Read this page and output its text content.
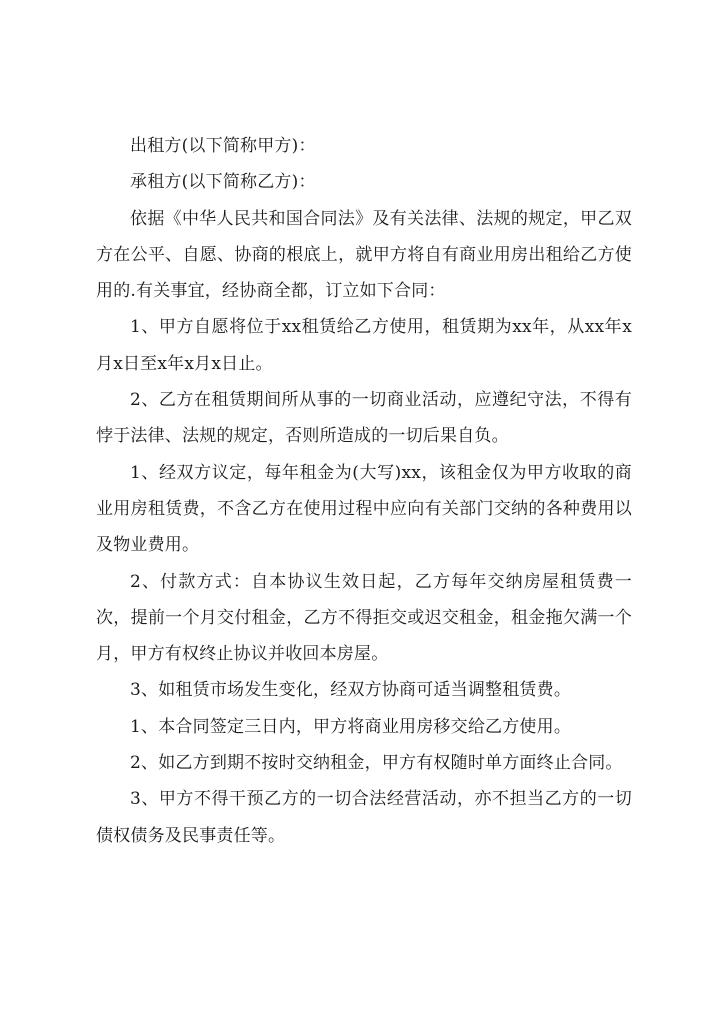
出租方(以下简称甲方)：

承租方(以下简称乙方)：

依据《中华人民共和国合同法》及有关法律、法规的规定，甲乙双方在公平、自愿、协商的根底上，就甲方将自有商业用房出租给乙方使用的.有关事宜，经协商全都，订立如下合同：

1、甲方自愿将位于xx租赁给乙方使用，租赁期为xx年，从xx年x月x日至x年x月x日止。

2、乙方在租赁期间所从事的一切商业活动，应遵纪守法，不得有悖于法律、法规的规定，否则所造成的一切后果自负。

1、经双方议定，每年租金为(大写)xx，该租金仅为甲方收取的商业用房租赁费，不含乙方在使用过程中应向有关部门交纳的各种费用以及物业费用。

2、付款方式：自本协议生效日起，乙方每年交纳房屋租赁费一次，提前一个月交付租金，乙方不得拒交或迟交租金，租金拖欠满一个月，甲方有权终止协议并收回本房屋。

3、如租赁市场发生变化，经双方协商可适当调整租赁费。

1、本合同签定三日内，甲方将商业用房移交给乙方使用。

2、如乙方到期不按时交纳租金，甲方有权随时单方面终止合同。

3、甲方不得干预乙方的一切合法经营活动，亦不担当乙方的一切债权债务及民事责任等。
